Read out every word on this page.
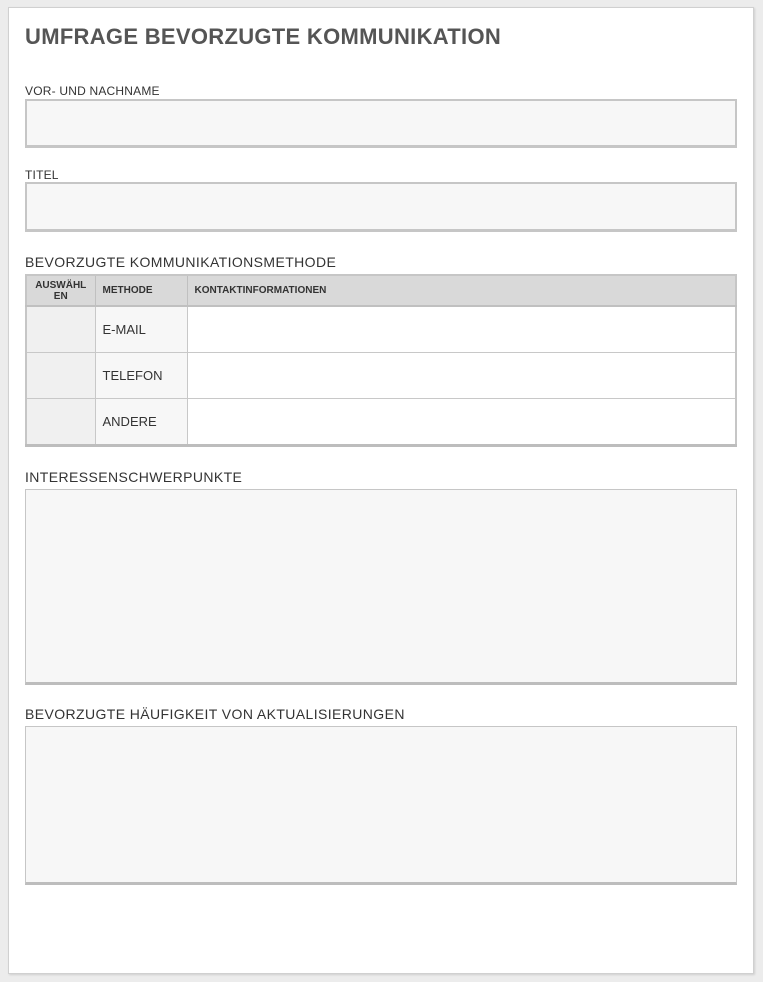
UMFRAGE BEVORZUGTE KOMMUNIKATION
VOR- UND NACHNAME
TITEL
BEVORZUGTE KOMMUNIKATIONSMETHODE
AUSWÄHL EN	METHODE	KONTAKTINFORMATIONEN
	E-MAIL	
	TELEFON	
	ANDERE	
INTERESSENSCHWERPUNKTE
BEVORZUGTE HÄUFIGKEIT VON AKTUALISIERUNGEN
